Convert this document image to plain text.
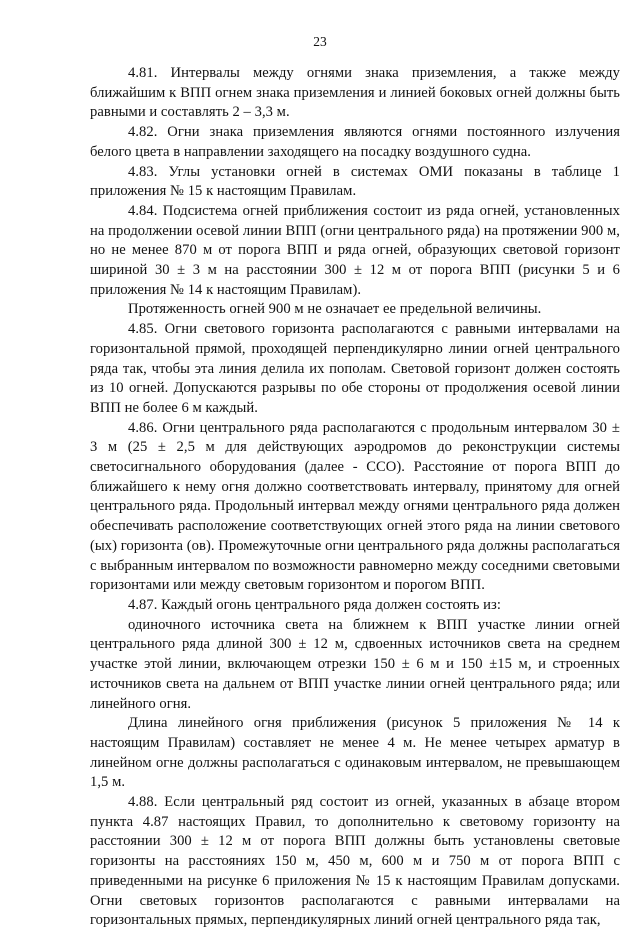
23

4.81. Интервалы между огнями знака приземления, а также между ближайшим к ВПП огнем знака приземления и линией боковых огней должны быть равными и составлять 2 – 3,3 м.

4.82. Огни знака приземления являются огнями постоянного излучения белого цвета в направлении заходящего на посадку воздушного судна.

4.83. Углы установки огней в системах ОМИ показаны в таблице 1 приложения № 15 к настоящим Правилам.

4.84. Подсистема огней приближения состоит из ряда огней, установленных на продолжении осевой линии ВПП (огни центрального ряда) на протяжении 900 м, но не менее 870 м от порога ВПП и ряда огней, образующих световой горизонт шириной 30 ± 3 м на расстоянии 300 ± 12 м от порога ВПП (рисунки 5 и 6 приложения № 14 к настоящим Правилам).

Протяженность огней 900 м не означает ее предельной величины.

4.85. Огни светового горизонта располагаются с равными интервалами на горизонтальной прямой, проходящей перпендикулярно линии огней центрального ряда так, чтобы эта линия делила их пополам. Световой горизонт должен состоять из 10 огней. Допускаются разрывы по обе стороны от продолжения осевой линии ВПП не более 6 м каждый.

4.86. Огни центрального ряда располагаются с продольным интервалом 30 ± 3 м (25 ± 2,5 м для действующих аэродромов до реконструкции системы светосигнального оборудования (далее - ССО). Расстояние от порога ВПП до ближайшего к нему огня должно соответствовать интервалу, принятому для огней центрального ряда. Продольный интервал между огнями центрального ряда должен обеспечивать расположение соответствующих огней этого ряда на линии светового (ых) горизонта (ов). Промежуточные огни центрального ряда должны располагаться с выбранным интервалом по возможности равномерно между соседними световыми горизонтами или между световым горизонтом и порогом ВПП.

4.87. Каждый огонь центрального ряда должен состоять из:

одиночного источника света на ближнем к ВПП участке линии огней центрального ряда длиной 300 ± 12 м, сдвоенных источников света на среднем участке этой линии, включающем отрезки 150 ± 6 м и 150 ±15 м, и строенных источников света на дальнем от ВПП участке линии огней центрального ряда; или линейного огня.

Длина линейного огня приближения (рисунок 5 приложения № 14 к настоящим Правилам) составляет не менее 4 м. Не менее четырех арматур в линейном огне должны располагаться с одинаковым интервалом, не превышающем 1,5 м.

4.88. Если центральный ряд состоит из огней, указанных в абзаце втором пункта 4.87 настоящих Правил, то дополнительно к световому горизонту на расстоянии 300 ± 12 м от порога ВПП должны быть установлены световые горизонты на расстояниях 150 м, 450 м, 600 м и 750 м от порога ВПП с приведенными на рисунке 6 приложения № 15 к настоящим Правилам допусками. Огни световых горизонтов располагаются с равными интервалами на горизонтальных прямых, перпендикулярных линий огней центрального ряда так,
